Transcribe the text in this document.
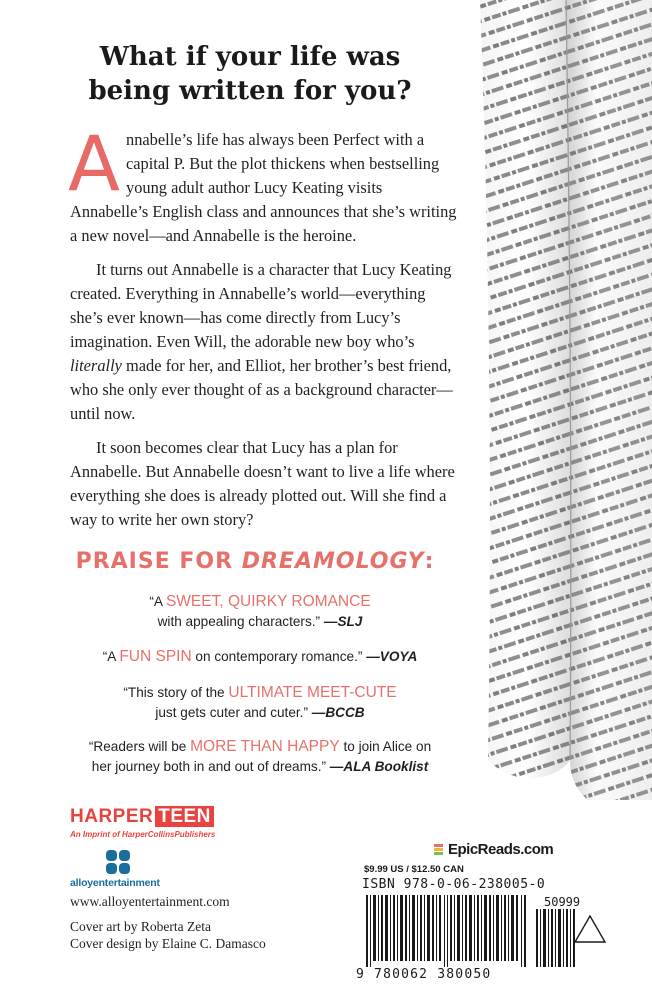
What if your life was
being written for you?

Annabelle’s life has always been Perfect with a capital P. But the plot thickens when bestselling young adult author Lucy Keating visits Annabelle’s English class and announces that she’s writing a new novel—and Annabelle is the heroine.

It turns out Annabelle is a character that Lucy Keating created. Everything in Annabelle’s world—everything she’s ever known—has come directly from Lucy’s imagination. Even Will, the adorable new boy who’s literally made for her, and Elliot, her brother’s best friend, who she only ever thought of as a background character—until now.

It soon becomes clear that Lucy has a plan for Annabelle. But Annabelle doesn’t want to live a life where everything she does is already plotted out. Will she find a way to write her own story?

PRAISE FOR DREAMOLOGY:
“A SWEET, QUIRKY ROMANCE
with appealing characters.” —SLJ
“A FUN SPIN on contemporary romance.” —VOYA
“This story of the ULTIMATE MEET-CUTE
just gets cuter and cuter.” —BCCB
“Readers will be MORE THAN HAPPY to join Alice on
her journey both in and out of dreams.” —ALA Booklist
HARPER TEEN
An Imprint of HarperCollinsPublishers
alloyentertainment
www.alloyentertainment.com
Cover art by Roberta Zeta
Cover design by Elaine C. Damasco
EpicReads.com
$9.99 US / $12.50 CAN
ISBN 978-0-06-238005-0
50999
9 780062 380050
